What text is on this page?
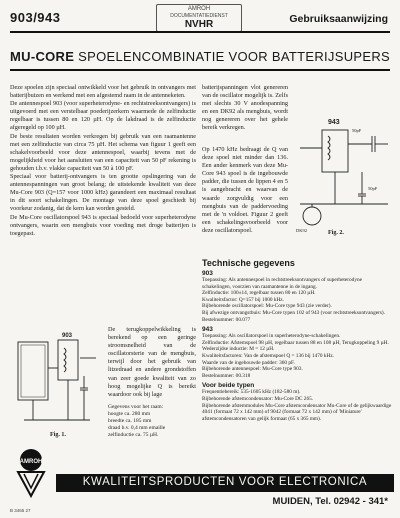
903/943
AMROH
DOCUMENTATIEDIENST
NVHR	Gebruiksaanwijzing
MU-CORE SPOELENCOMBINATIE VOOR BATTERIJSUPERS

Deze spoelen zijn speciaal ontwikkeld voor het gebruik in ontvangers met batterijbuizen en werkend met een afgestemd raam in de antenneketen.

De antennespoel 903 (voor superheterodyne- en rechtstreeksontvangers) is uitgevoerd met een verstelbaar poederijzerkern waarmede de zelfinductie regelbaar is tussen 80 en 120 µH. Op de lakdraad is de zelfinductie afgeregeld op 100 µH.

De beste resultaten worden verkregen bij gebruik van een raamantenne met een zelfinductie van circa 75 µH. Het schema van figuur 1 geeft een schakelvoorbeeld voor deze antennespoel, waarbij tevens met de mogelijkheid voor het aansluiten van een capaciteit van 50 pF rekening is gehouden t.b.v. vlakke capaciteit van 50 à 100 pF.

Speciaal voor batterij-ontvangers is ten grootte opslingering van de antennespanningen van groot belang; de uitstekende kwaliteit van deze Mu-Core 903 (Q=157 voor 1000 kHz) garandeert een maximaal resultaat in dit soort schakelingen. De montage van deze spoel geschiedt bij voorkeur zodanig, dat de kern kan worden gesteld.

De Mu-Core oscillatorspoel 943 is speciaal bedoeld voor superheterodyne ontvangers, waarin een mengbuis voor voeding met droge batterijen is toegepast.

De terugkoppelwikkeling is berekend op een geringe stroomsnelheid van de oscillatorsterie van de mengbuis, terwijl door het gebruik van litzedraad en andere grondstoffen van zeer goede kwaliteit van zo hoog mogelijke Q is bereikt waardoor ook bij lage

903
Fig. 1.
Gegevens voor het raam:
hoogte ca. 280 mm
breedte ca. 185 mm
draad b.v. 0,4 mm emaille
zelfinductie ca. 75 µH.

batterijspanningen vlot genereren van de oscillator mogelijk is. Zelfs met slechts 30 V anodespanning en een DK92 als mengbuis, wordt nog genereren over het gehele bereik verkregen.

Op 1470 kHz bedraagt de Q van deze spoel niet minder dan 136. Een ander kenmerk van deze Mu-Core 943 spoel is de ingebouwde padder, die tussen de lippen 4 en 5 is aangebracht en waarvan de waarde zorgvuldig voor een mengbuis van de paddervoeding met de 'n voldoet. Figuur 2 geeft een schakelingsvoorbeeld voor deze oscillatorspoel.

943
50pF
50pF
DK92	Fig. 2.
Technische gegevens
903
Toepassing: Als antennespoel in rechtstreeksontvangers of superheterodyne schakelingen, voorzien van raamantenne in de ingang.
Zelfinductie: 100±14, regelbaar tussen 80 en 120 µH.
Kwaliteitsfactor: Q=157 bij 1000 kHz.
Bijbehorende oscillatorspoel: Mu-Core type 943 (zie verder).
Bij afwezige ontvangstbuis: Mu-Core typen 102 of 943 (voor rechtstreeksontvangers).
Bestelnummer: 00.077
943
Toepassing: Als oscillatorspoel in superheterodyne-schakelingen.
Zelfinductie: Afstemspoel 98 µH, regelbaar tussen 88 en 108 µH, Terugkoppeling 9 µH.
Wederzijdse inductie: M = 12 µH.
Kwaliteitsfactoren: Van de afstemspoel Q = 136 bij 1470 kHz.
Waarde van de ingebouwde padder: 360 pF.
Bijbehorende antennespoel: Mu-Core type 903.
Bestelnummer: 00.318
Voor beide typen
Frequentiebereik: 535-1605 kHz (182-580 m).
Bijbehorende afstemcondensator: Mu-Core DC 265.
Bijbehorende afstemmodules Mu-Core afstemcondensator Mu-Core of de gelijkwaardige 4041 (formaat 72 x 142 mm) of 9042 (formaat 72 x 142 mm) of 'Miniature' afstemcondensatoren van gelijk formaat (65 x 365 mm).
AMROH
KWALITEITSPRODUCTEN VOOR ELECTRONICA
MUIDEN, Tel. 02942 - 341*
B 3465 27
